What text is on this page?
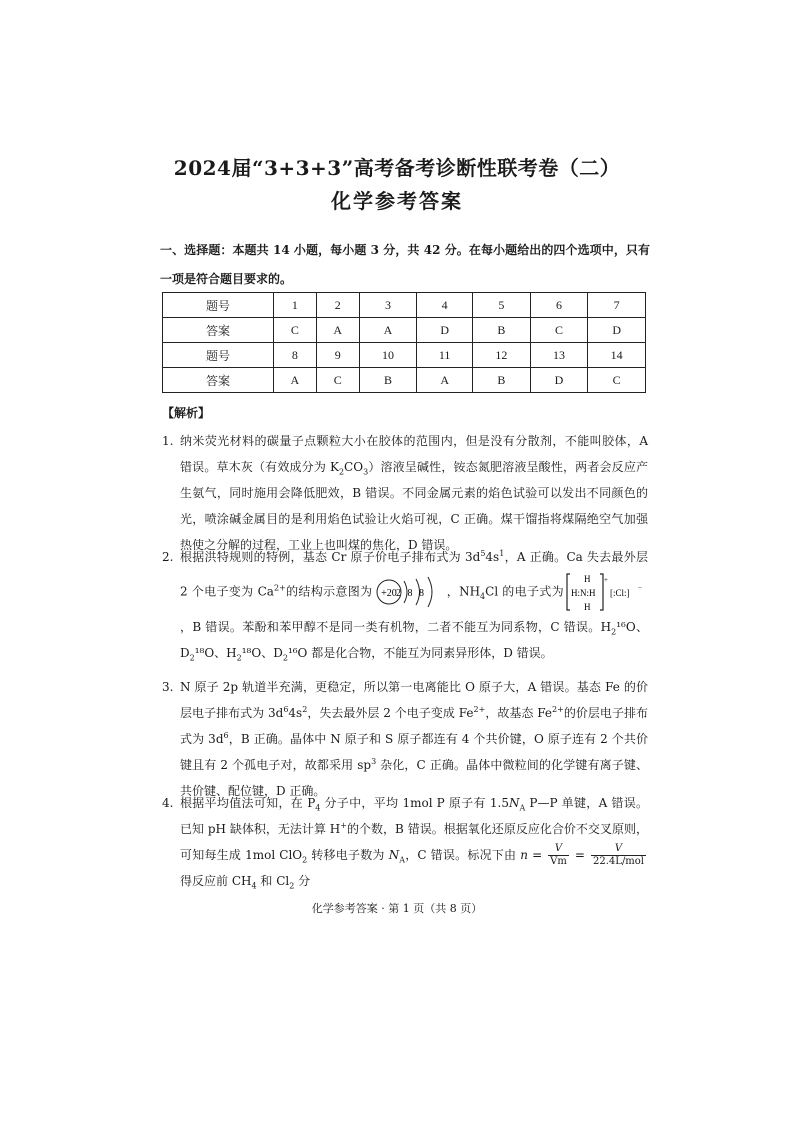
2024届“3+3+3”高考备考诊断性联考卷（二）
化学参考答案
一、选择题：本题共 14 小题，每小题 3 分，共 42 分。在每小题给出的四个选项中，只有一项是符合题目要求的。
题号	1	2	3	4	5	6	7
答案	C	A	A	D	B	C	D
题号	8	9	10	11	12	13	14
答案	A	C	B	A	B	D	C
【解析】
1. 纳米荧光材料的碳量子点颗粒大小在胶体的范围内，但是没有分散剂，不能叫胶体，A 错误。草木灰（有效成分为 $K_2CO_3$）溶液呈碱性，铵态氮肥溶液呈酸性，两者会反应产生氨气，同时施用会降低肥效，B 错误。不同金属元素的焰色试验可以发出不同颜色的光，喷涂碱金属目的是利用焰色试验让火焰可视，C 正确。煤干馏指将煤隔绝空气加强热使之分解的过程，工业上也叫煤的焦化，D 错误。
2. 根据洪特规则的特例，基态 Cr 原子价电子排布式为 $3d^54s^1$，A 正确。Ca 失去最外层 2 个电子变为 $Ca^{2+}$的结构示意图为 +20 2 8 8 ，$NH_4Cl$ 的电子式为
H
H
H:N:H
+
[:Cl:] −
，B 错误。苯酚和苯甲醇不是同一类有机物，二者不能互为同系物，C 错误。$H_2^{16}O$、$D_2^{18}O$、$H_2^{18}O$、$D_2^{16}O$ 都是化合物，不能互为同素异形体，D 错误。
3. N 原子 2p 轨道半充满，更稳定，所以第一电离能比 O 原子大，A 错误。基态 Fe 的价层电子排布式为 $3d^64s^2$，失去最外层 2 个电子变成 $Fe^{2+}$，故基态 $Fe^{2+}$的价层电子排布式为 $3d^6$，B 正确。晶体中 N 原子和 S 原子都连有 4 个共价键，O 原子连有 2 个共价键且有 2 个孤电子对，故都采用 $sp^3$ 杂化，C 正确。晶体中微粒间的化学键有离子键、共价键、配位键，D 正确。
4. 根据平均值法可知，在 $P_4$ 分子中，平均 1mol P 原子有 $1.5N_A$ P—P 单键，A 错误。已知 pH 缺体积，无法计算 H+的个数，B 错误。根据氧化还原反应化合价不交叉原则，可知每生成 1mol ClO$_2$ 转移电子数为 $N_A$，C 错误。标况下由 $n = \frac{V}{Vm} = \frac{V}{\text{22.4L/mol}}$
得反应前 $CH_4$ 和 $Cl_2$ 分
化学参考答案 · 第 1 页（共 8 页）
